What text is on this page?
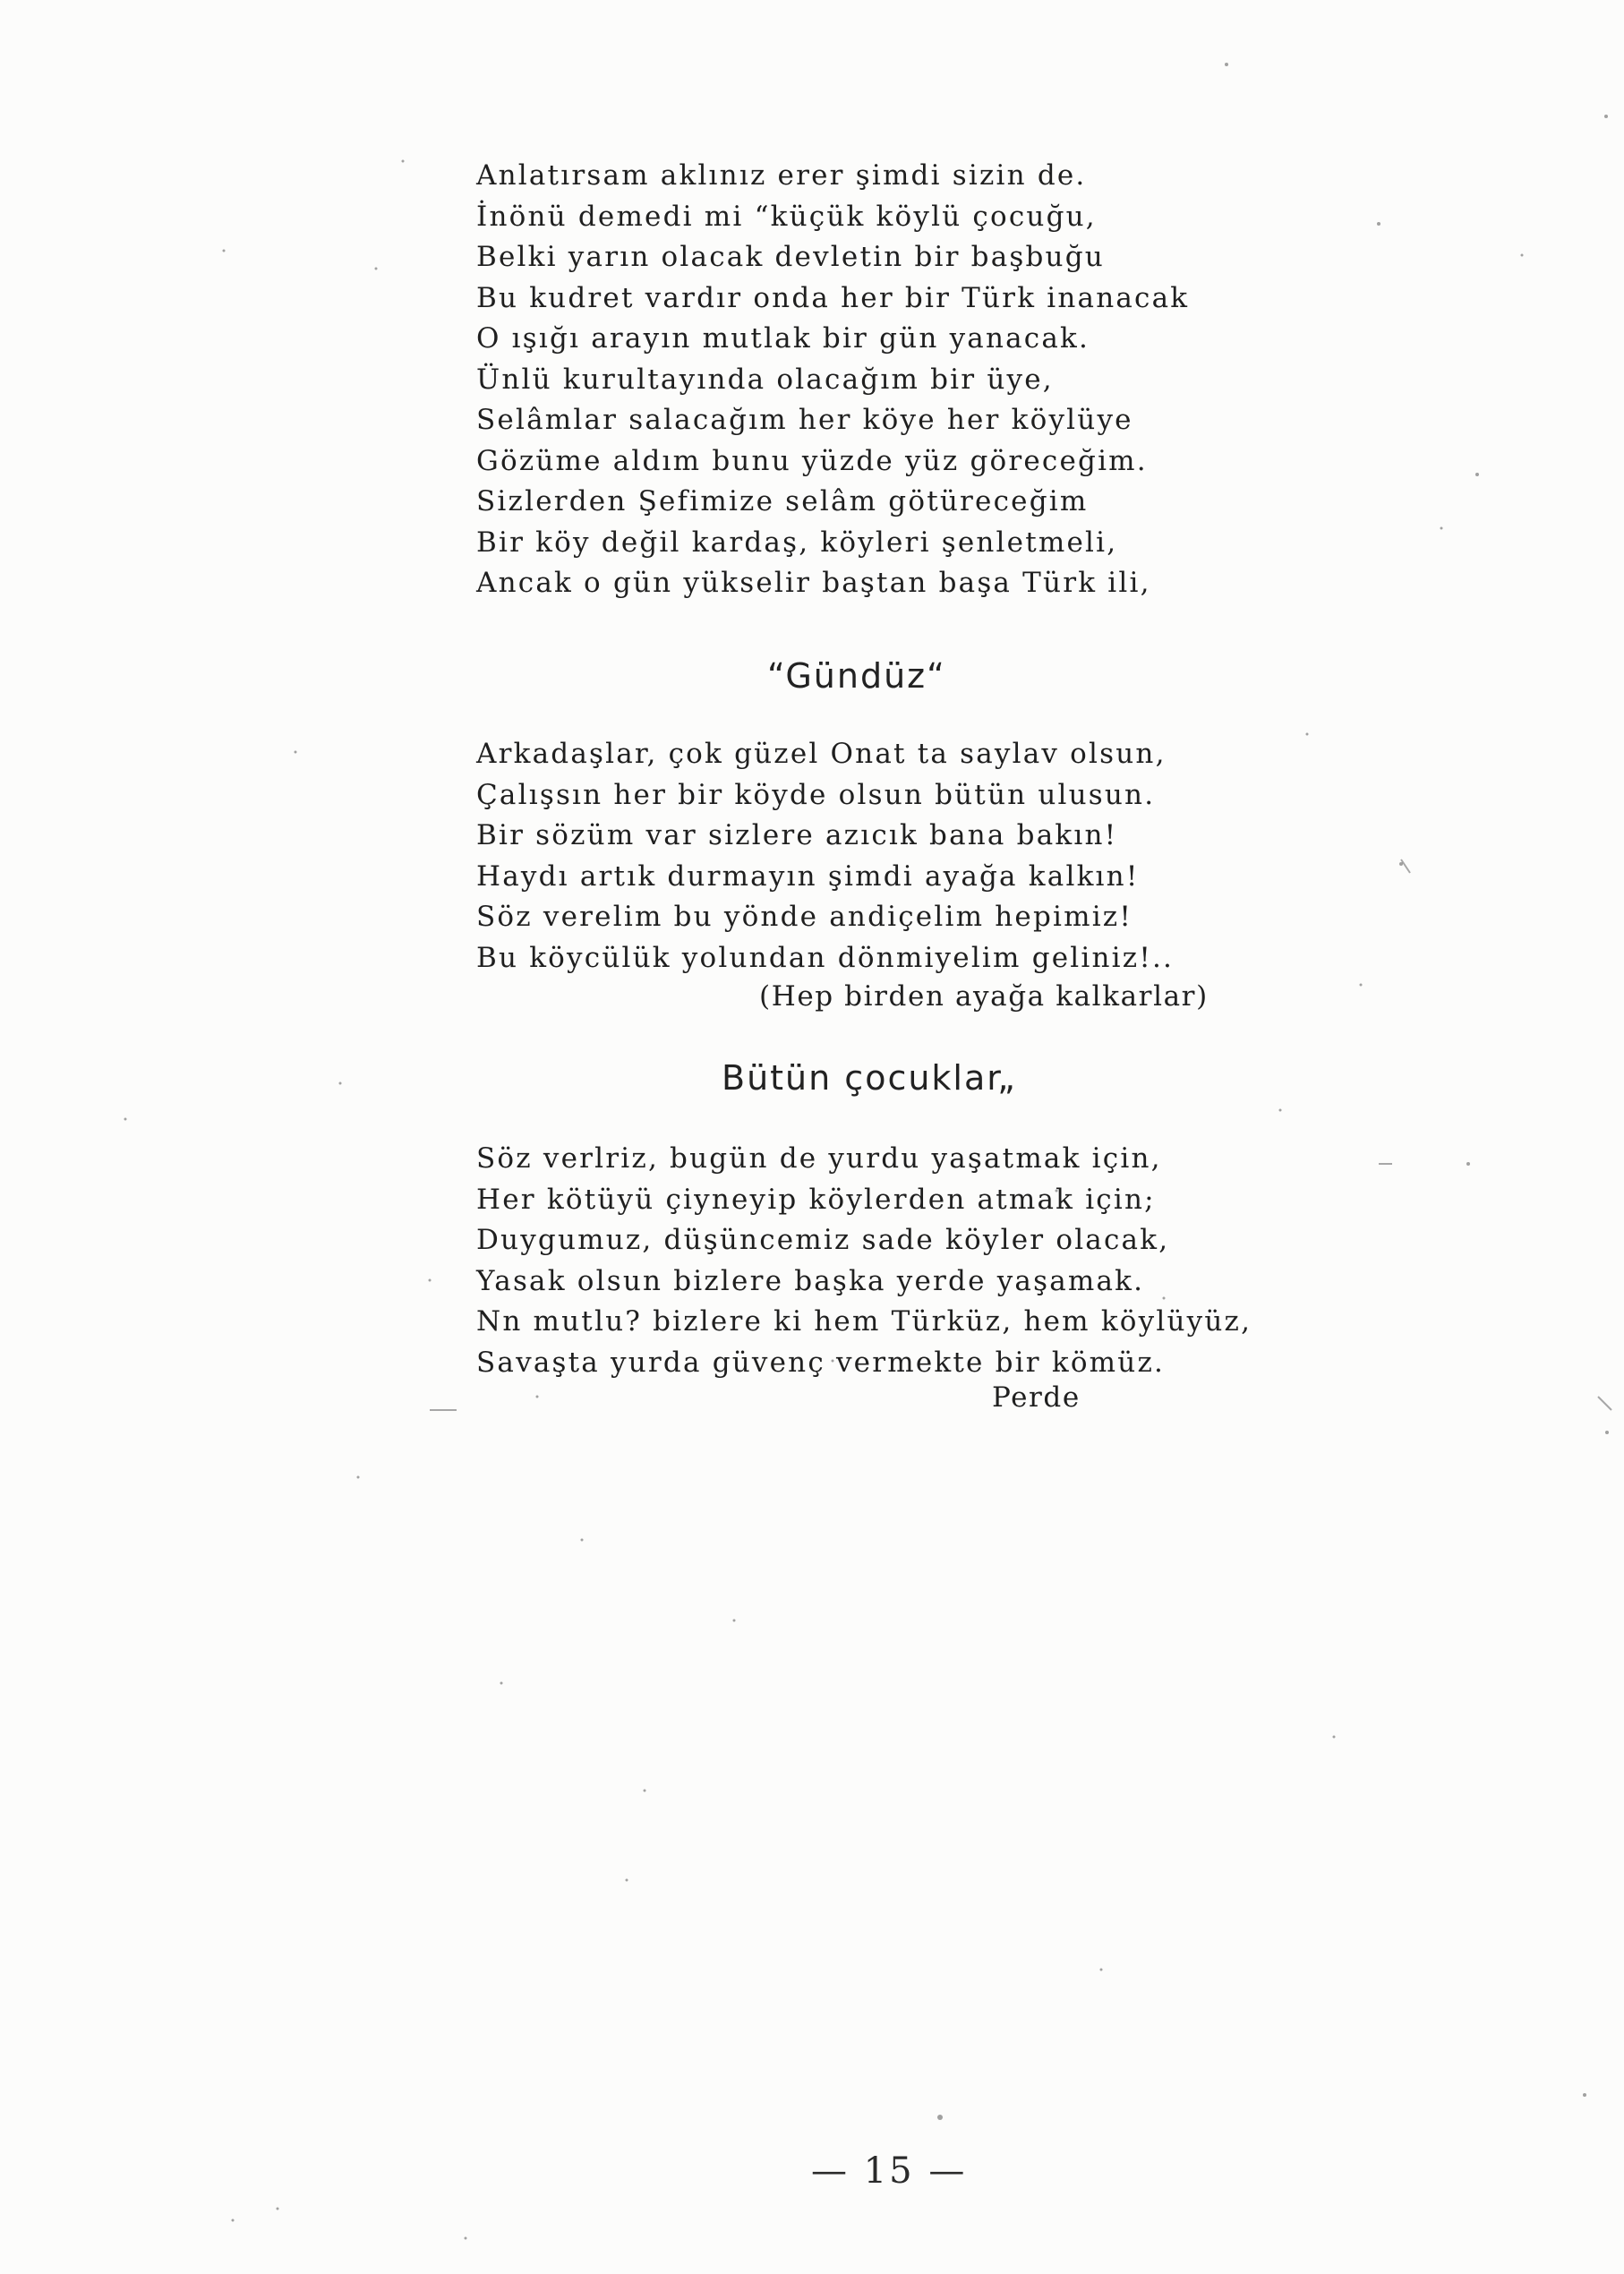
Anlatırsam aklınız erer şimdi sizin de.
İnönü demedi mi “küçük köylü çocuğu,
Belki yarın olacak devletin bir başbuğu
Bu kudret vardır onda her bir Türk inanacak
O ışığı arayın mutlak bir gün yanacak.
Ünlü kurultayında olacağım bir üye,
Selâmlar salacağım her köye her köylüye
Gözüme aldım bunu yüzde yüz göreceğim.
Sizlerden Şefimize selâm götüreceğim
Bir köy değil kardaş, köyleri şenletmeli,
Ancak o gün yükselir baştan başa Türk ili,
“Gündüz“
Arkadaşlar, çok güzel Onat ta saylav olsun,
Çalışsın her bir köyde olsun bütün ulusun.
Bir sözüm var sizlere azıcık bana bakın!
Haydı artık durmayın şimdi ayağa kalkın!
Söz verelim bu yönde andiçelim hepimiz!
Bu köycülük yolundan dönmiyelim geliniz!..
(Hep birden ayağa kalkarlar)
Bütün çocuklar„
Söz verlriz, bugün de yurdu yaşatmak için,
Her kötüyü çiyneyip köylerden atmak için;
Duygumuz, düşüncemiz sade köyler olacak,
Yasak olsun bizlere başka yerde yaşamak.
Nn mutlu? bizlere ki hem Türküz, hem köylüyüz,
Savaşta yurda güvenç vermekte bir kömüz.
Perde
— 15 —
